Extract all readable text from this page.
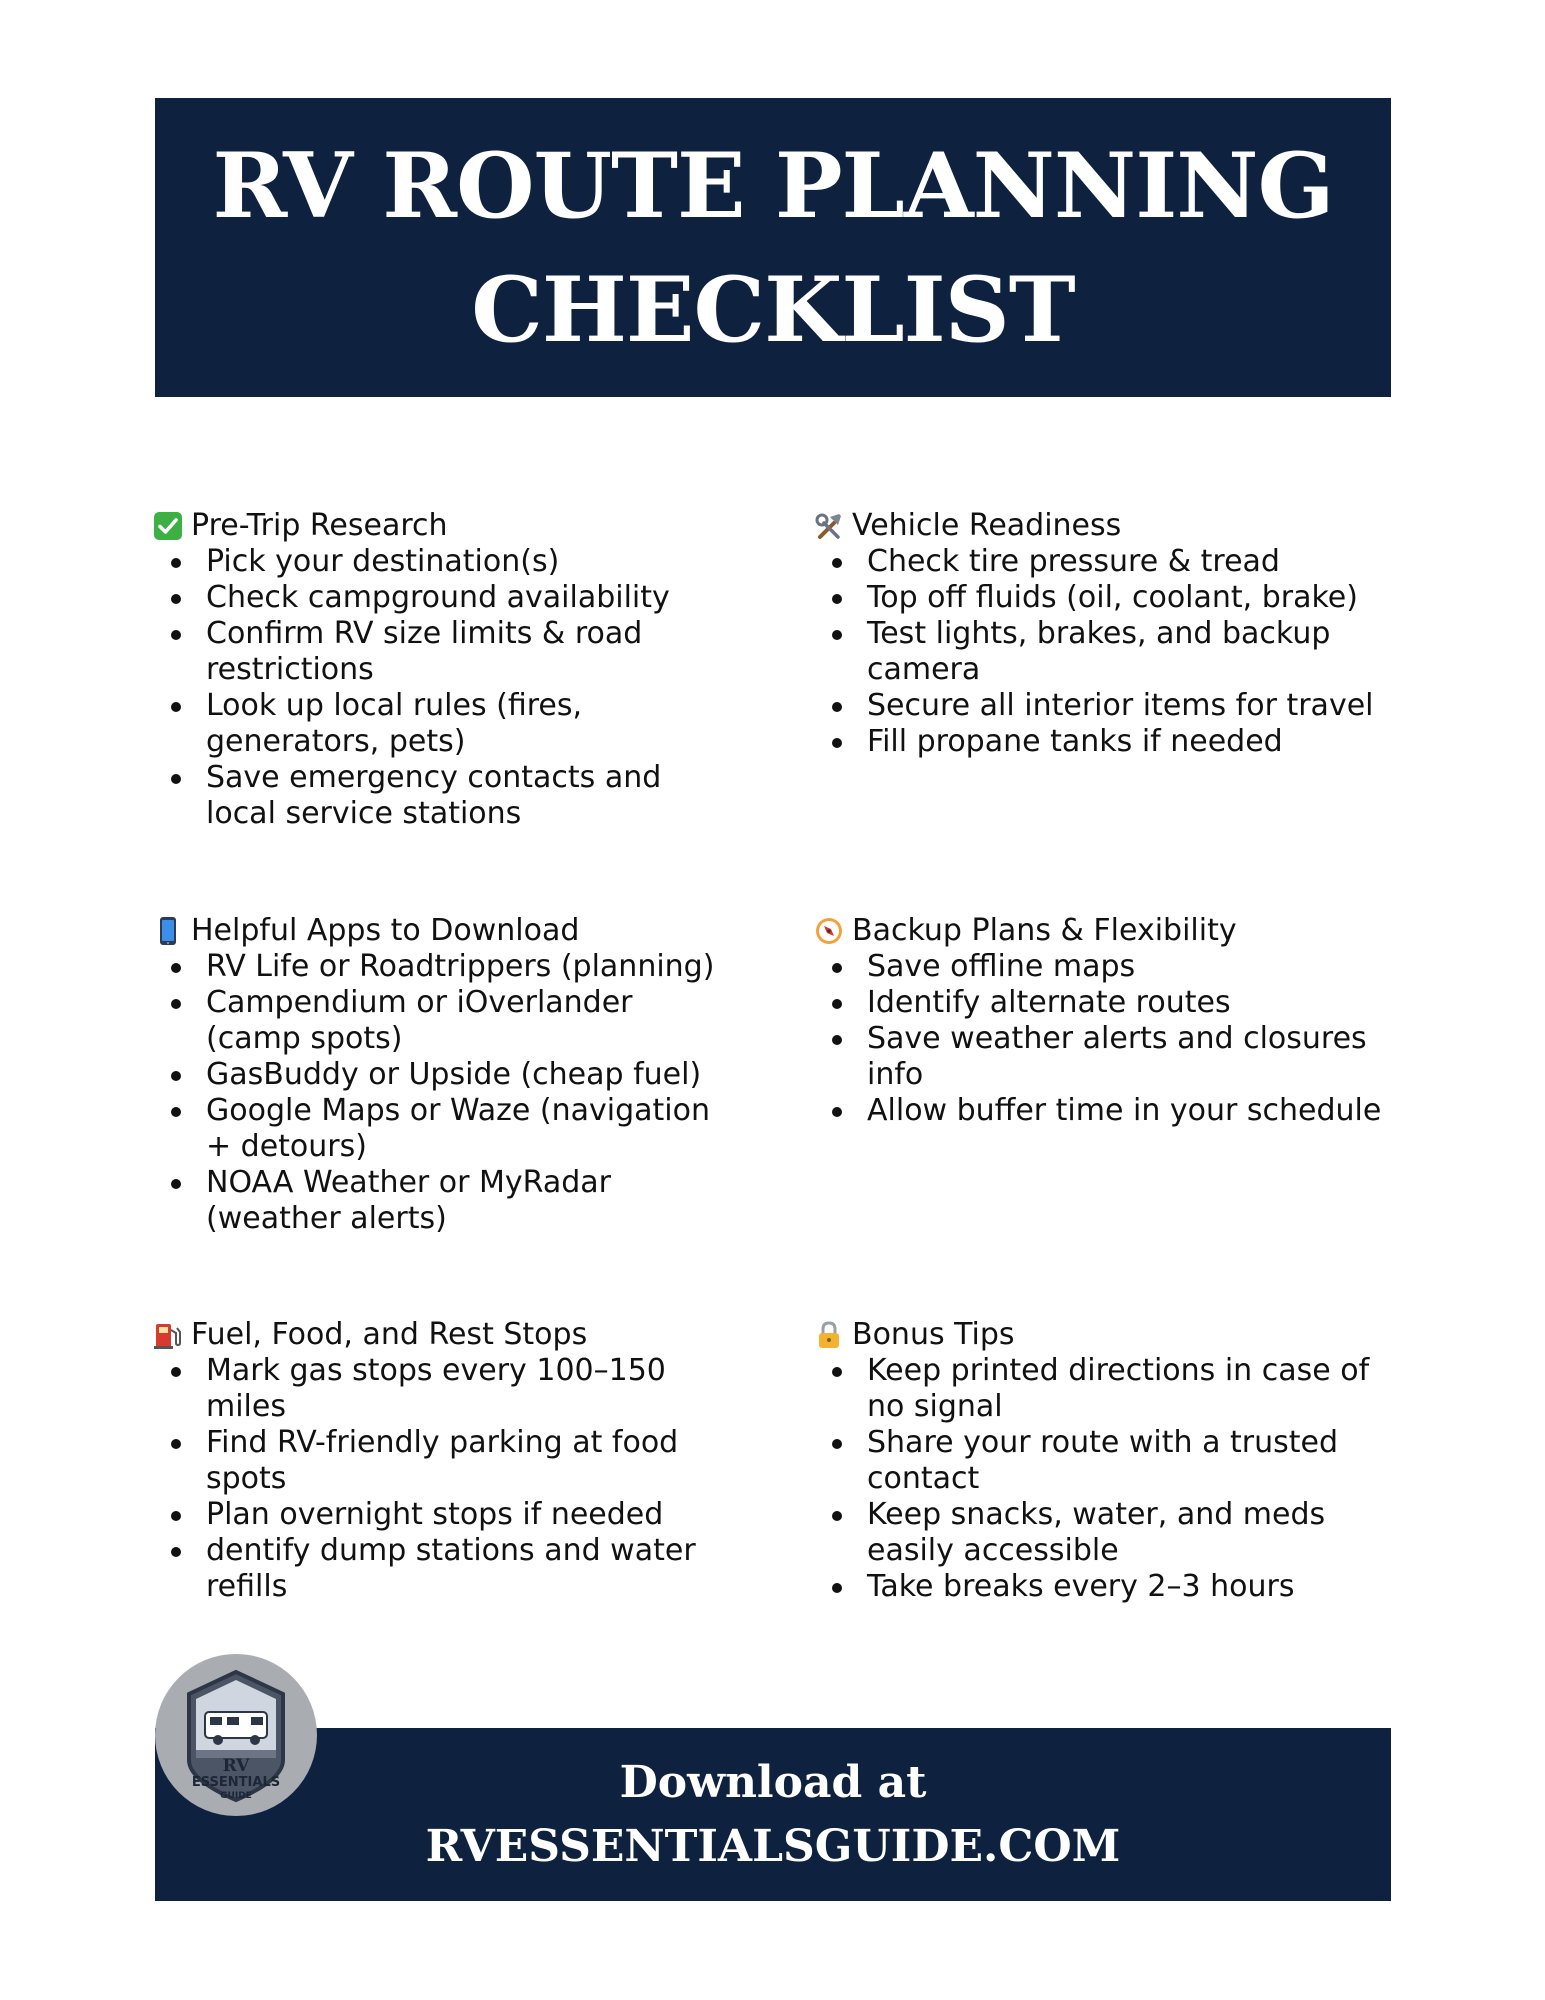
RV ROUTE PLANNING
CHECKLIST
Pre-Trip Research
Pick your destination(s)
Check campground availability
Confirm RV size limits & road restrictions
Look up local rules (fires, generators, pets)
Save emergency contacts and local service stations
Vehicle Readiness
Check tire pressure & tread
Top off fluids (oil, coolant, brake)
Test lights, brakes, and backup camera
Secure all interior items for travel
Fill propane tanks if needed
Helpful Apps to Download
RV Life or Roadtrippers (planning)
Campendium or iOverlander (camp spots)
GasBuddy or Upside (cheap fuel)
Google Maps or Waze (navigation + detours)
NOAA Weather or MyRadar (weather alerts)
Backup Plans & Flexibility
Save offline maps
Identify alternate routes
Save weather alerts and closures info
Allow buffer time in your schedule
Fuel, Food, and Rest Stops
Mark gas stops every 100–150 miles
Find RV-friendly parking at food spots
Plan overnight stops if needed
dentify dump stations and water refills
Bonus Tips
Keep printed directions in case of no signal
Share your route with a trusted contact
Keep snacks, water, and meds easily accessible
Take breaks every 2–3 hours
Download at
RVESSENTIALSGUIDE.COM
RV
ESSENTIALS
GUIDE
